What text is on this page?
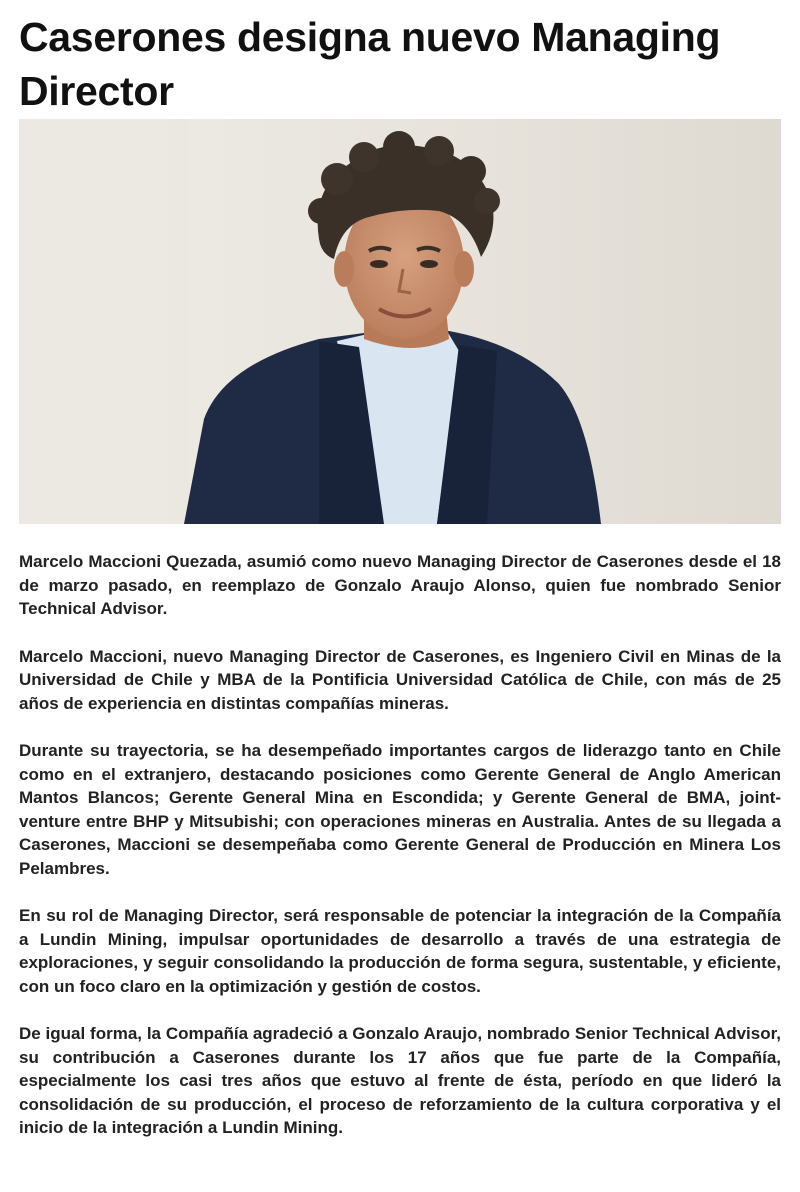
Caserones designa nuevo Managing Director

Marcelo Maccioni Quezada, asumió como nuevo Managing Director de Caserones desde el 18 de marzo pasado, en reemplazo de Gonzalo Araujo Alonso, quien fue nombrado Senior Technical Advisor.

Marcelo Maccioni, nuevo Managing Director de Caserones, es Ingeniero Civil en Minas de la Universidad de Chile y MBA de la Pontificia Universidad Católica de Chile, con más de 25 años de experiencia en distintas compañías mineras.

Durante su trayectoria, se ha desempeñado importantes cargos de liderazgo tanto en Chile como en el extranjero, destacando posiciones como Gerente General de Anglo American Mantos Blancos; Gerente General Mina en Escondida; y Gerente General de BMA, joint-venture entre BHP y Mitsubishi; con operaciones mineras en Australia. Antes de su llegada a Caserones, Maccioni se desempeñaba como Gerente General de Producción en Minera Los Pelambres.

En su rol de Managing Director, será responsable de potenciar la integración de la Compañía a Lundin Mining, impulsar oportunidades de desarrollo a través de una estrategia de exploraciones, y seguir consolidando la producción de forma segura, sustentable, y eficiente, con un foco claro en la optimización y gestión de costos.

De igual forma, la Compañía agradeció a Gonzalo Araujo, nombrado Senior Technical Advisor, su contribución a Caserones durante los 17 años que fue parte de la Compañía, especialmente los casi tres años que estuvo al frente de ésta, período en que lideró la consolidación de su producción, el proceso de reforzamiento de la cultura corporativa y el inicio de la integración a Lundin Mining.
